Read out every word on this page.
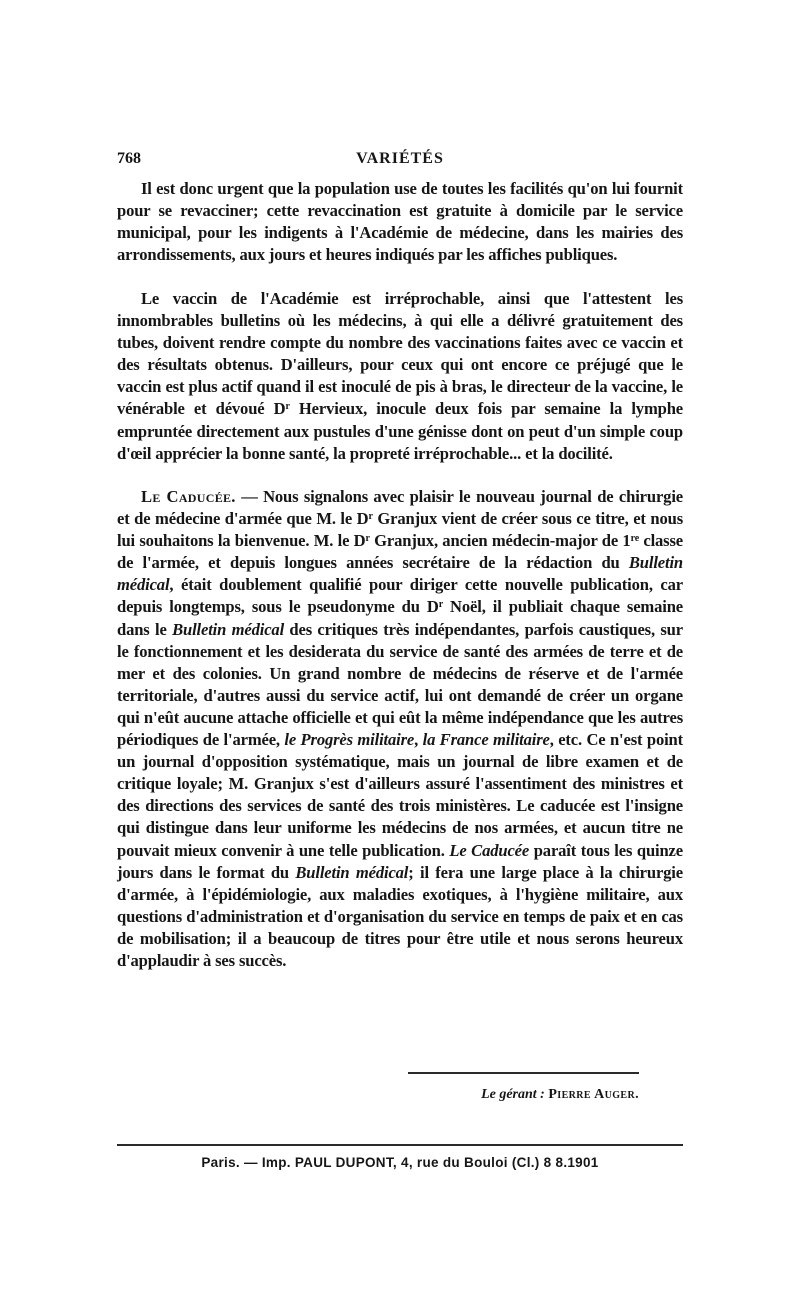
768	VARIÉTÉS

Il est donc urgent que la population use de toutes les facilités qu'on lui fournit pour se revacciner; cette revaccination est gratuite à domicile par le service municipal, pour les indigents à l'Académie de médecine, dans les mairies des arrondissements, aux jours et heures indiqués par les affiches publiques.

Le vaccin de l'Académie est irréprochable, ainsi que l'attestent les innombrables bulletins où les médecins, à qui elle a délivré gratuitement des tubes, doivent rendre compte du nombre des vaccinations faites avec ce vaccin et des résultats obtenus. D'ailleurs, pour ceux qui ont encore ce préjugé que le vaccin est plus actif quand il est inoculé de pis à bras, le directeur de la vaccine, le vénérable et dévoué $D^r$ Hervieux, inocule deux fois par semaine la lymphe empruntée directement aux pustules d'une génisse dont on peut d'un simple coup d'œil apprécier la bonne santé, la propreté irréprochable... et la docilité.

Le Caducée. — Nous signalons avec plaisir le nouveau journal de chirurgie et de médecine d'armée que M. le $D^r$ Granjux vient de créer sous ce titre, et nous lui souhaitons la bienvenue. M. le $D^r$ Granjux, ancien médecin-major de 1re classe de l'armée, et depuis longues années secrétaire de la rédaction du Bulletin médical, était doublement qualifié pour diriger cette nouvelle publication, car depuis longtemps, sous le pseudonyme du $D^r$ Noël, il publiait chaque semaine dans le Bulletin médical des critiques très indépendantes, parfois caustiques, sur le fonctionnement et les desiderata du service de santé des armées de terre et de mer et des colonies. Un grand nombre de médecins de réserve et de l'armée territoriale, d'autres aussi du service actif, lui ont demandé de créer un organe qui n'eût aucune attache officielle et qui eût la même indépendance que les autres périodiques de l'armée, le Progrès militaire, la France militaire, etc. Ce n'est point un journal d'opposition systématique, mais un journal de libre examen et de critique loyale; M. Granjux s'est d'ailleurs assuré l'assentiment des ministres et des directions des services de santé des trois ministères. Le caducée est l'insigne qui distingue dans leur uniforme les médecins de nos armées, et aucun titre ne pouvait mieux convenir à une telle publication. Le Caducée paraît tous les quinze jours dans le format du Bulletin médical; il fera une large place à la chirurgie d'armée, à l'épidémiologie, aux maladies exotiques, à l'hygiène militaire, aux questions d'administration et d'organisation du service en temps de paix et en cas de mobilisation; il a beaucoup de titres pour être utile et nous serons heureux d'applaudir à ses succès.

Le gérant : Pierre Auger.
Paris. — Imp. PAUL DUPONT, 4, rue du Bouloi (Cl.) 8 8.1901
